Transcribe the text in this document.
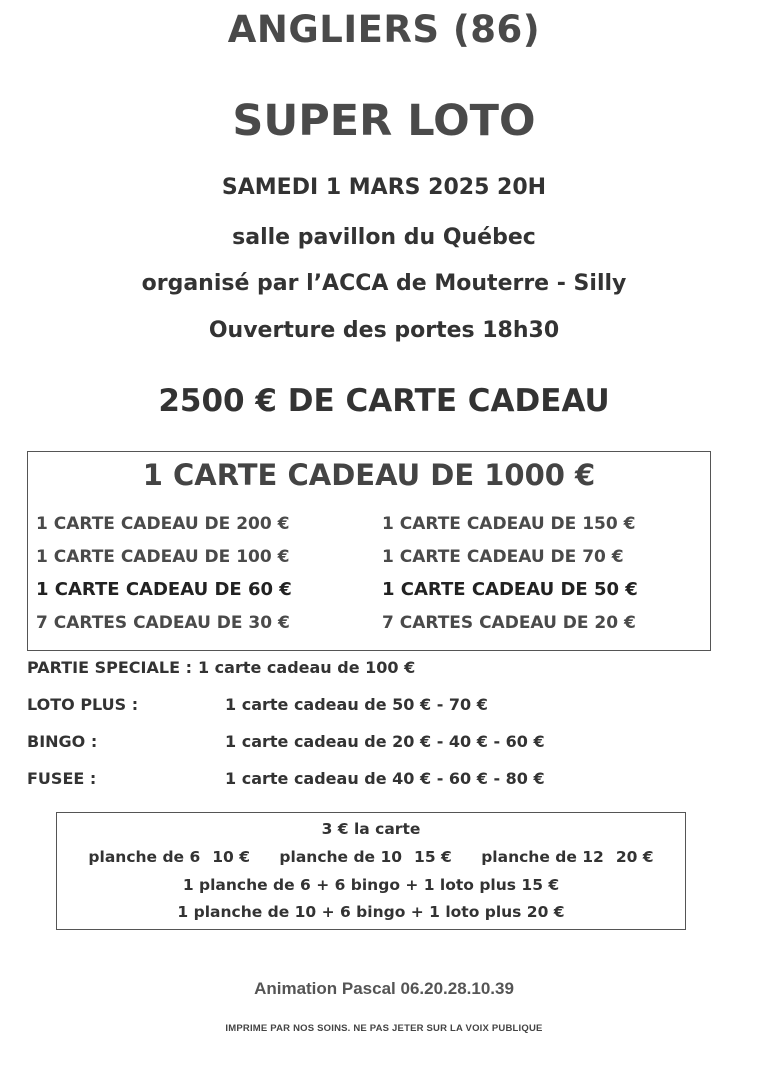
ANGLIERS (86)
SUPER LOTO
SAMEDI 1 MARS 2025 20H
salle pavillon du Québec
organisé par l’ACCA de Mouterre - Silly
Ouverture des portes 18h30
2500 € DE CARTE CADEAU
1 CARTE CADEAU DE 1000 €
1 CARTE CADEAU DE 200 €	1 CARTE CADEAU DE 150 €
1 CARTE CADEAU DE 100 €	1 CARTE CADEAU DE 70 €
1 CARTE CADEAU DE 60 €	1 CARTE CADEAU DE 50 €
7 CARTES CADEAU DE 30 €	7 CARTES CADEAU DE 20 €
PARTIE SPECIALE : 1 carte cadeau de 100 €
LOTO PLUS :	1 carte cadeau de 50 € - 70 €
BINGO :	1 carte cadeau de 20 € - 40 € - 60 €
FUSEE :	1 carte cadeau de 40 € - 60 € - 80 €
3 € la carte
planche de 6 10 € planche de 10 15 € planche de 12 20 €
1 planche de 6 + 6 bingo + 1 loto plus 15 €
1 planche de 10 + 6 bingo + 1 loto plus 20 €
Animation Pascal 06.20.28.10.39
IMPRIME PAR NOS SOINS. NE PAS JETER SUR LA VOIX PUBLIQUE
